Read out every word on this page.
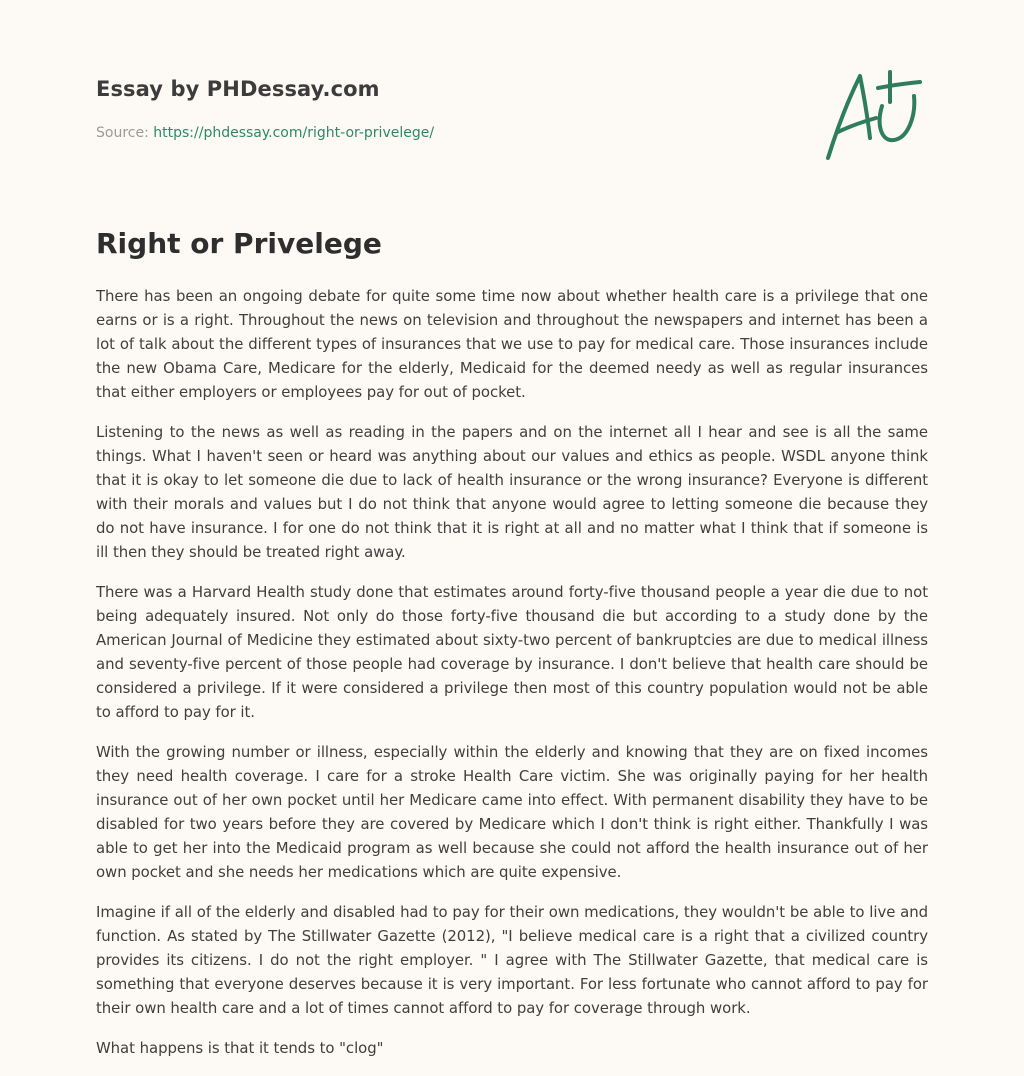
Essay by PHDessay.com
Source: https://phdessay.com/right-or-privelege/
Right or Privelege

There has been an ongoing debate for quite some time now about whether health care is a privilege that one earns or is a right. Throughout the news on television and throughout the newspapers and internet has been a lot of talk about the different types of insurances that we use to pay for medical care. Those insurances include the new Obama Care, Medicare for the elderly, Medicaid for the deemed needy as well as regular insurances that either employers or employees pay for out of pocket.

Listening to the news as well as reading in the papers and on the internet all I hear and see is all the same things. What I haven't seen or heard was anything about our values and ethics as people. WSDL anyone think that it is okay to let someone die due to lack of health insurance or the wrong insurance? Everyone is different with their morals and values but I do not think that anyone would agree to letting someone die because they do not have insurance. I for one do not think that it is right at all and no matter what I think that if someone is ill then they should be treated right away.

There was a Harvard Health study done that estimates around forty-five thousand people a year die due to not being adequately insured. Not only do those forty-five thousand die but according to a study done by the American Journal of Medicine they estimated about sixty-two percent of bankruptcies are due to medical illness and seventy-five percent of those people had coverage by insurance. I don't believe that health care should be considered a privilege. If it were considered a privilege then most of this country population would not be able to afford to pay for it.

With the growing number or illness, especially within the elderly and knowing that they are on fixed incomes they need health coverage. I care for a stroke Health Care victim. She was originally paying for her health insurance out of her own pocket until her Medicare came into effect. With permanent disability they have to be disabled for two years before they are covered by Medicare which I don't think is right either. Thankfully I was able to get her into the Medicaid program as well because she could not afford the health insurance out of her own pocket and she needs her medications which are quite expensive.

Imagine if all of the elderly and disabled had to pay for their own medications, they wouldn't be able to live and function. As stated by The Stillwater Gazette (2012), "I believe medical care is a right that a civilized country provides its citizens. I do not the right employer. " I agree with The Stillwater Gazette, that medical care is something that everyone deserves because it is very important. For less fortunate who cannot afford to pay for their own health care and a lot of times cannot afford to pay for coverage through work.

What happens is that it tends to "clog"
